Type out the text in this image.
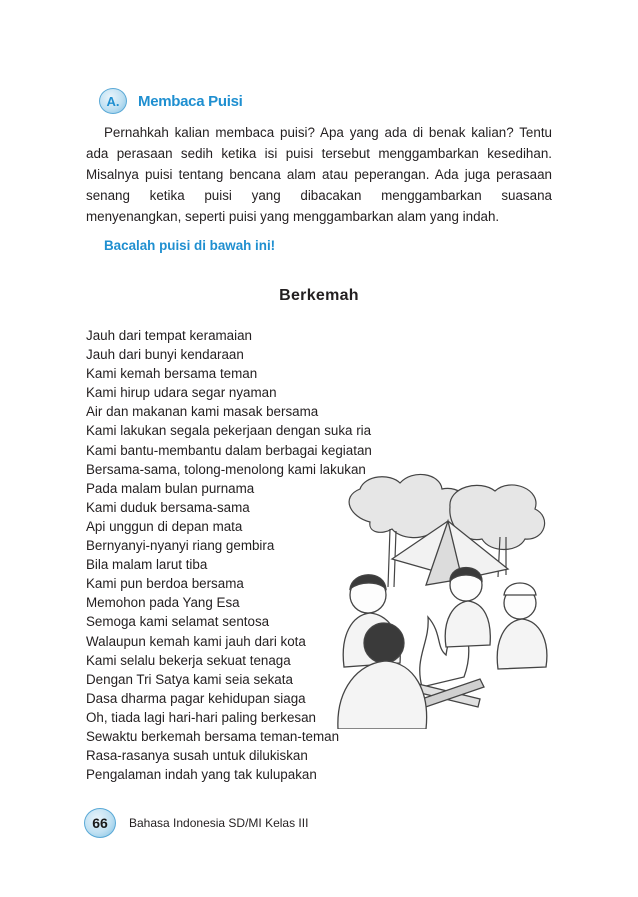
A.	Membaca Puisi

Pernahkah kalian membaca puisi? Apa yang ada di benak kalian? Tentu ada perasaan sedih ketika isi puisi tersebut menggambarkan kesedihan. Misalnya puisi tentang bencana alam atau peperangan. Ada juga perasaan senang ketika puisi yang dibacakan menggambarkan suasana menyenangkan, seperti puisi yang menggambarkan alam yang indah.

Bacalah puisi di bawah ini!
Berkemah
Jauh dari tempat keramaian
Jauh dari bunyi kendaraan
Kami kemah bersama teman
Kami hirup udara segar nyaman
Air dan makanan kami masak bersama
Kami lakukan segala pekerjaan dengan suka ria
Kami bantu-membantu dalam berbagai kegiatan
Bersama-sama, tolong-menolong kami lakukan
Pada malam bulan purnama
Kami duduk bersama-sama
Api unggun di depan mata
Bernyanyi-nyanyi riang gembira
Bila malam larut tiba
Kami pun berdoa bersama
Memohon pada Yang Esa
Semoga kami selamat sentosa
Walaupun kemah kami jauh dari kota
Kami selalu bekerja sekuat tenaga
Dengan Tri Satya kami seia sekata
Dasa dharma pagar kehidupan siaga
Oh, tiada lagi hari-hari paling berkesan
Sewaktu berkemah bersama teman-teman
Rasa-rasanya susah untuk dilukiskan
Pengalaman indah yang tak kulupakan
66	Bahasa Indonesia SD/MI Kelas III
